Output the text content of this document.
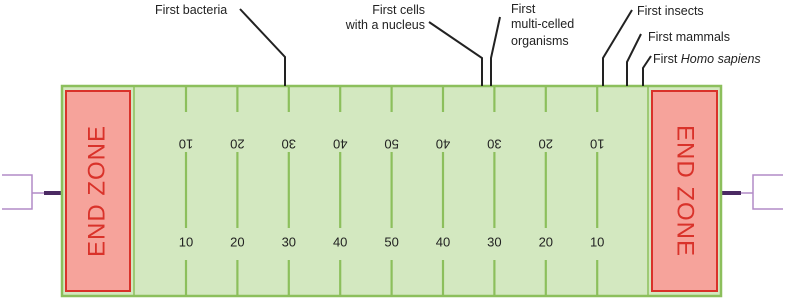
END ZONE	END ZONE
10
10
20
20
30
30
40
40
50
50
40
40
30
30
20
20
10
10
First bacteria	First cells
with a nucleus
First
multi-celled
organisms
First insects
First mammals
First Homo sapiens
